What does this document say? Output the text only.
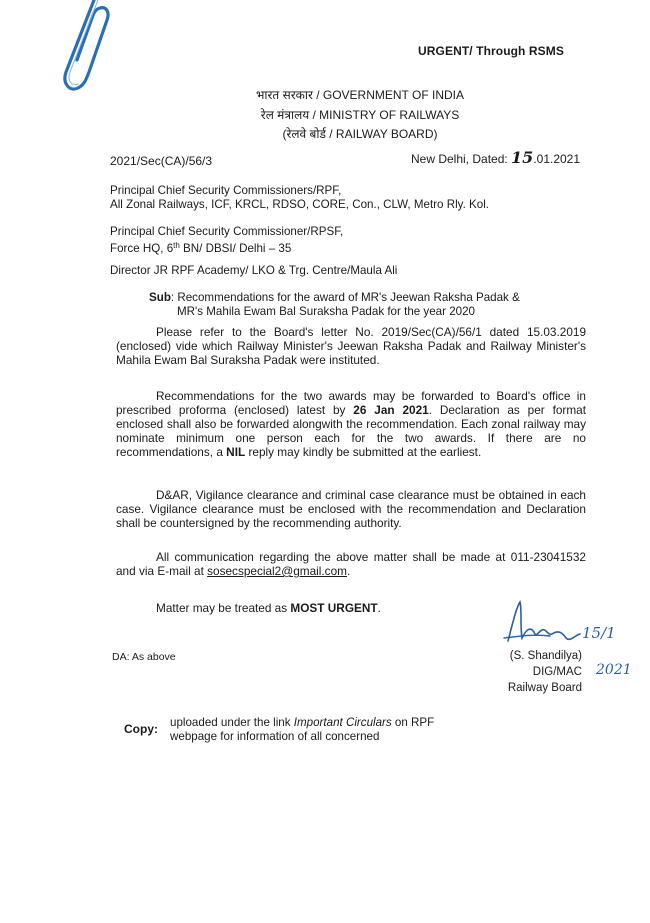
URGENT/ Through RSMS
भारत सरकार / GOVERNMENT OF INDIA
रेल मंत्रालय / MINISTRY OF RAILWAYS
(रेलवे बोर्ड / RAILWAY BOARD)
2021/Sec(CA)/56/3	New Delhi, Dated: 15.01.2021
Principal Chief Security Commissioners/RPF,
All Zonal Railways, ICF, KRCL, RDSO, CORE, Con., CLW, Metro Rly. Kol.
Principal Chief Security Commissioner/RPSF,
Force HQ, 6th BN/ DBSI/ Delhi – 35
Director JR RPF Academy/ LKO & Trg. Centre/Maula Ali
Sub: Recommendations for the award of MR's Jeewan Raksha Padak &
MR's Mahila Ewam Bal Suraksha Padak for the year 2020
Please refer to the Board's letter No. 2019/Sec(CA)/56/1 dated 15.03.2019 (enclosed) vide which Railway Minister's Jeewan Raksha Padak and Railway Minister's Mahila Ewam Bal Suraksha Padak were instituted.
Recommendations for the two awards may be forwarded to Board's office in prescribed proforma (enclosed) latest by 26 Jan 2021. Declaration as per format enclosed shall also be forwarded alongwith the recommendation. Each zonal railway may nominate minimum one person each for the two awards. If there are no recommendations, a NIL reply may kindly be submitted at the earliest.
D&AR, Vigilance clearance and criminal case clearance must be obtained in each case. Vigilance clearance must be enclosed with the recommendation and Declaration shall be countersigned by the recommending authority.
All communication regarding the above matter shall be made at 011-23041532 and via E-mail at sosecspecial2@gmail.com.
Matter may be treated as MOST URGENT.
DA: As above
15/1
2021
(S. Shandilya)
DIG/MAC
Railway Board
Copy: uploaded under the link Important Circulars on RPF webpage for information of all concerned
